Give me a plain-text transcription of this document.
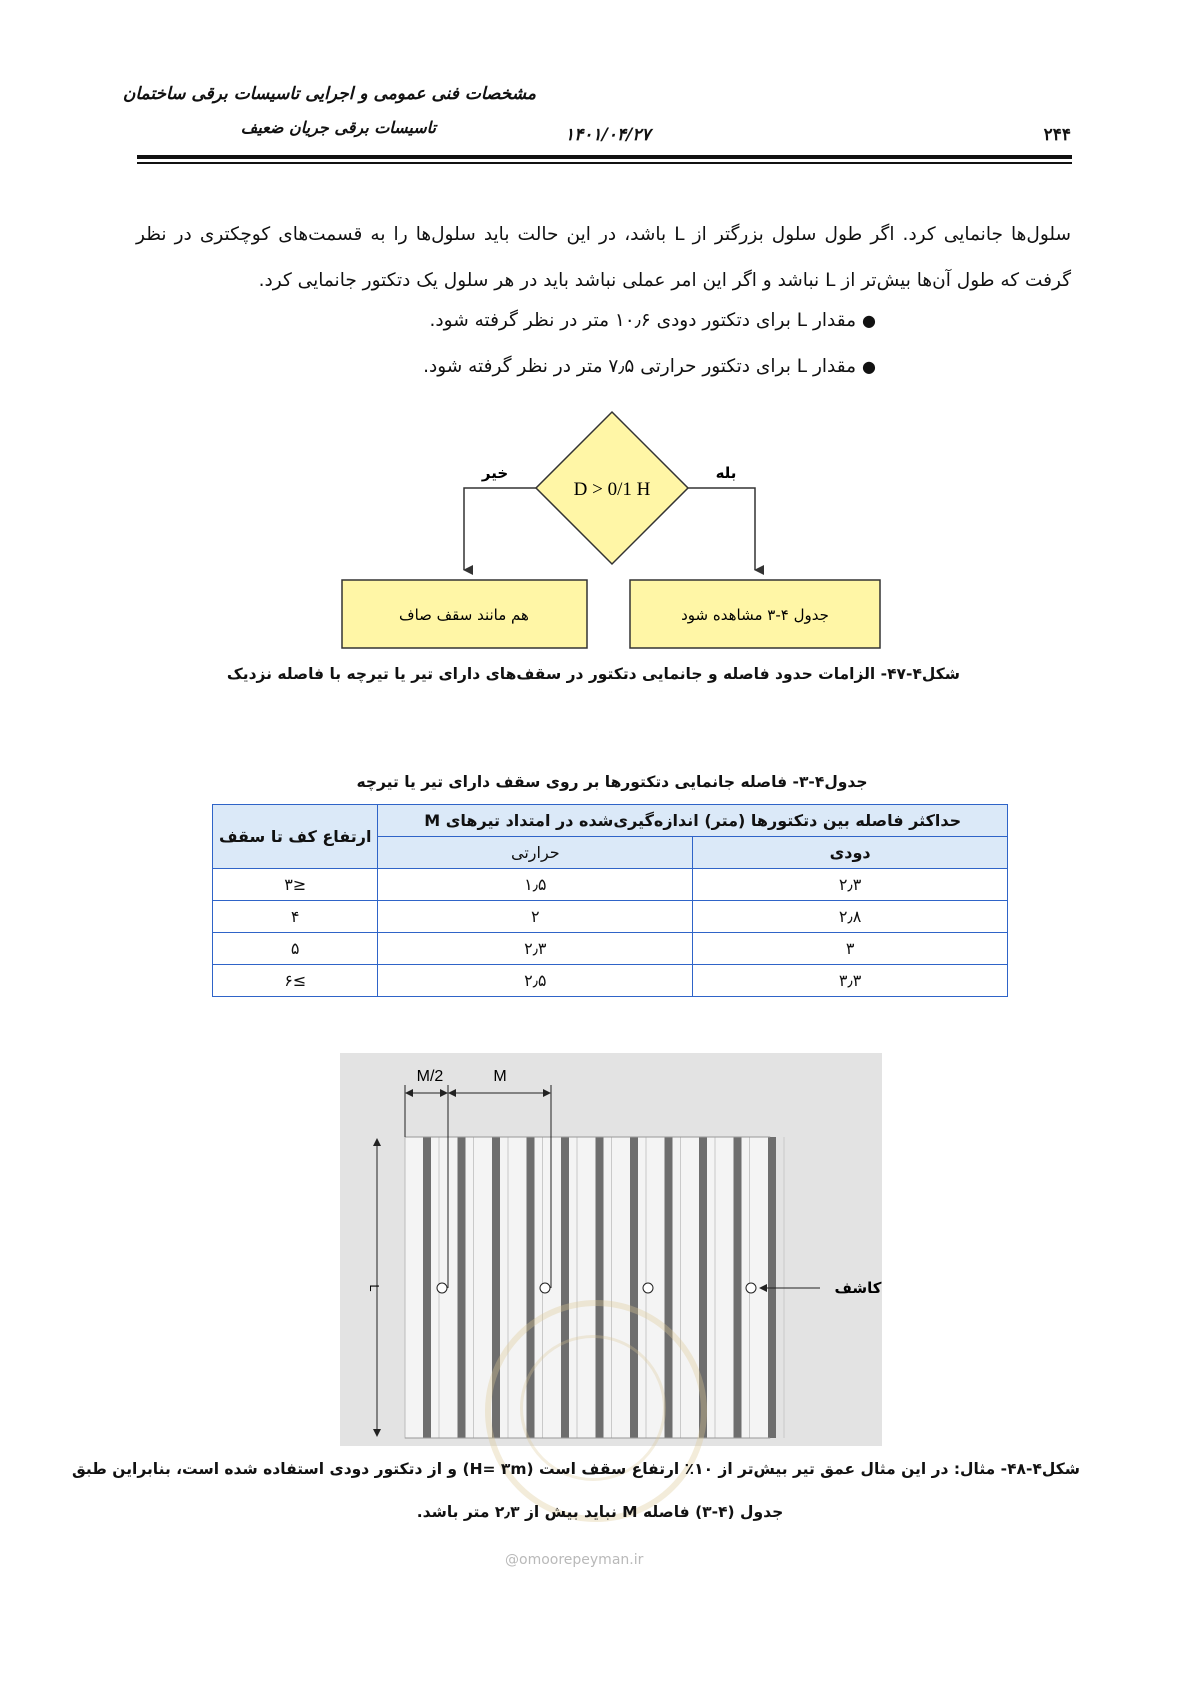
مشخصات فنی عمومی و اجرایی تاسیسات برقی ساختمان
تاسیسات برقی جریان ضعیف	۱۴۰۱/۰۴/۲۷	۲۴۴
سلول‌ها جانمایی کرد. اگر طول سلول بزرگتر از L باشد، در این حالت باید سلول‌ها را به قسمت‌های کوچکتری در نظر گرفت که طول آن‌ها بیش‌تر از L نباشد و اگر این امر عملی نباشد باید در هر سلول یک دتکتور جانمایی کرد.
●مقدار L برای دتکتور دودی ۱۰٫۶ متر در نظر گرفته شود.
●مقدار L برای دتکتور حرارتی ۷٫۵ متر در نظر گرفته شود.
D > 0/1 H
خیر	بله
هم مانند سقف صاف	جدول ۴-۳ مشاهده شود
شکل۴-۴۷- الزامات حدود فاصله و جانمایی دتکتور در سقف‌های دارای تیر یا تیرچه با فاصله نزدیک
جدول۴-۳- فاصله جانمایی دتکتورها بر روی سقف دارای تیر یا تیرچه
حداکثر فاصله بین دتکتورها (متر) اندازه‌گیری‌شده در امتداد تیرهای M		ارتفاع کف تا سقف
دودی	حرارتی	
۲٫۳	۱٫۵	≤۳
۲٫۸	۲	۴
۳	۲٫۳	۵
۳٫۳	۲٫۵	≥۶
M/2	M
L	کاشف
شکل۴-۴۸- مثال: در این مثال عمق تیر بیش‌تر از ۱۰٪ ارتفاع سقف است (H= ۳m) و از دتکتور دودی استفاده شده است، بنابراین طبق
جدول (۴-۳) فاصله M نباید بیش از ۲٫۳ متر باشد.
@omoorepeyman.ir
